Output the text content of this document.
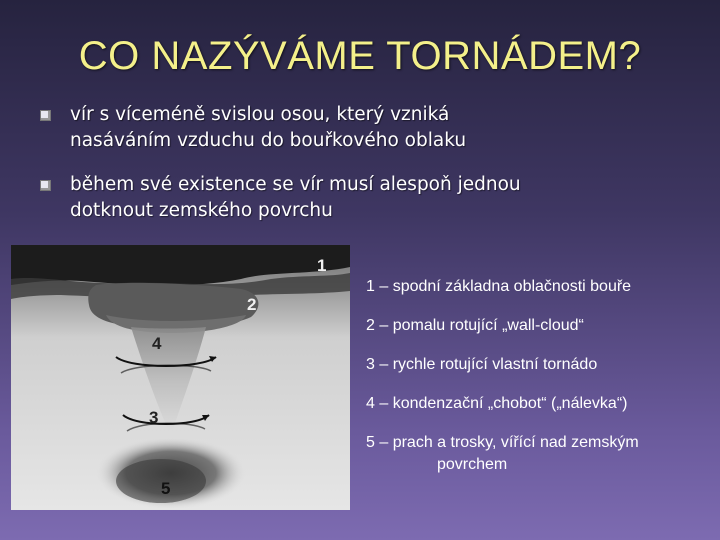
CO NAZÝVÁME TORNÁDEM?
vír s víceméně svislou osou, který vzniká
nasáváním vzduchu do bouřkového oblaku
během své existence se vír musí alespoň jednou
dotknout zemského povrchu
1
2
4
3
5
1 – spodní základna oblačnosti bouře
2 – pomalu rotující „wall-cloud“
3 – rychle rotující vlastní tornádo
4 – kondenzační „chobot“ („nálevka“)
5 – prach a trosky, vířící nad zemským
povrchem
